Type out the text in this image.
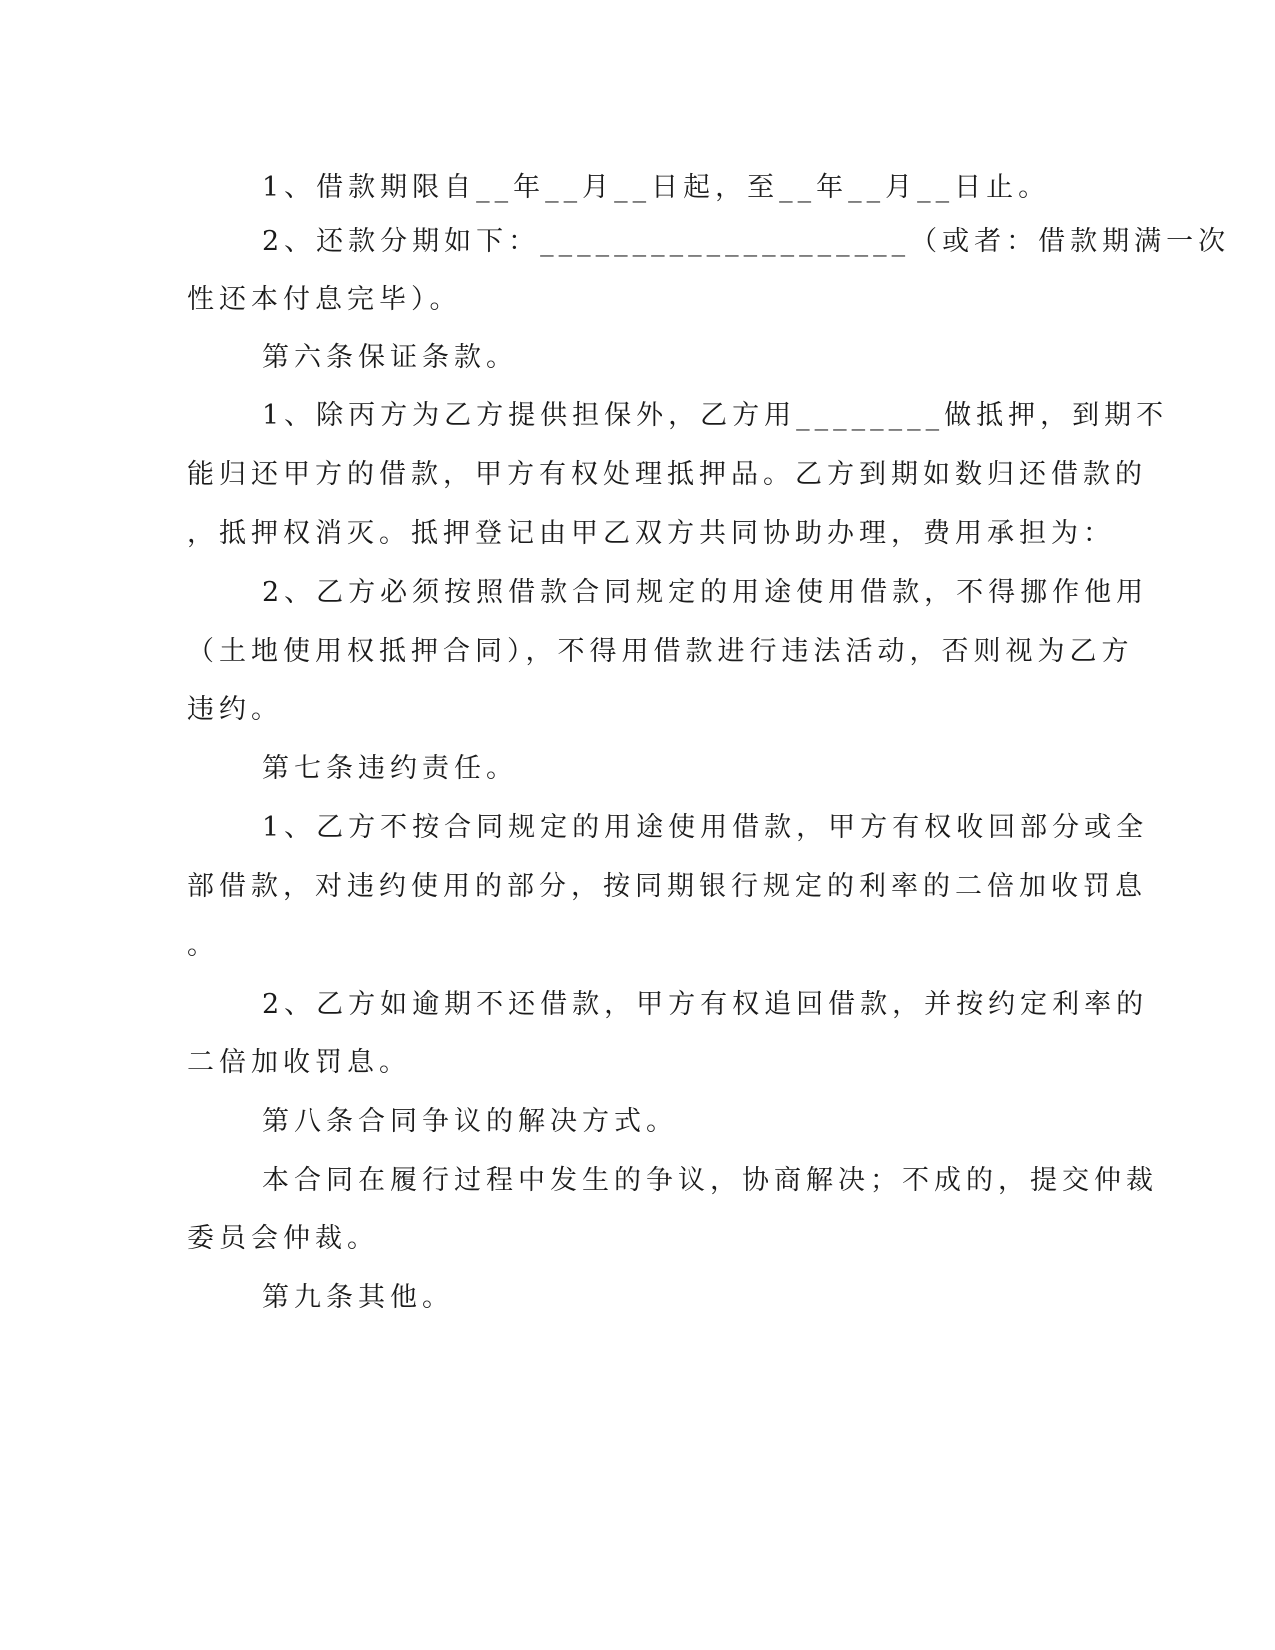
1、借款期限自__年__月__日起，至__年__月__日止。
2、还款分期如下：____________________（或者：借款期满一次
性还本付息完毕）。
第六条保证条款。
1、除丙方为乙方提供担保外，乙方用________做抵押，到期不
能归还甲方的借款，甲方有权处理抵押品。乙方到期如数归还借款的
，抵押权消灭。抵押登记由甲乙双方共同协助办理，费用承担为：
2、乙方必须按照借款合同规定的用途使用借款，不得挪作他用
（土地使用权抵押合同），不得用借款进行违法活动，否则视为乙方
违约。
第七条违约责任。
1、乙方不按合同规定的用途使用借款，甲方有权收回部分或全
部借款，对违约使用的部分，按同期银行规定的利率的二倍加收罚息
。
2、乙方如逾期不还借款，甲方有权追回借款，并按约定利率的
二倍加收罚息。
第八条合同争议的解决方式。
本合同在履行过程中发生的争议，协商解决；不成的，提交仲裁
委员会仲裁。
第九条其他。
